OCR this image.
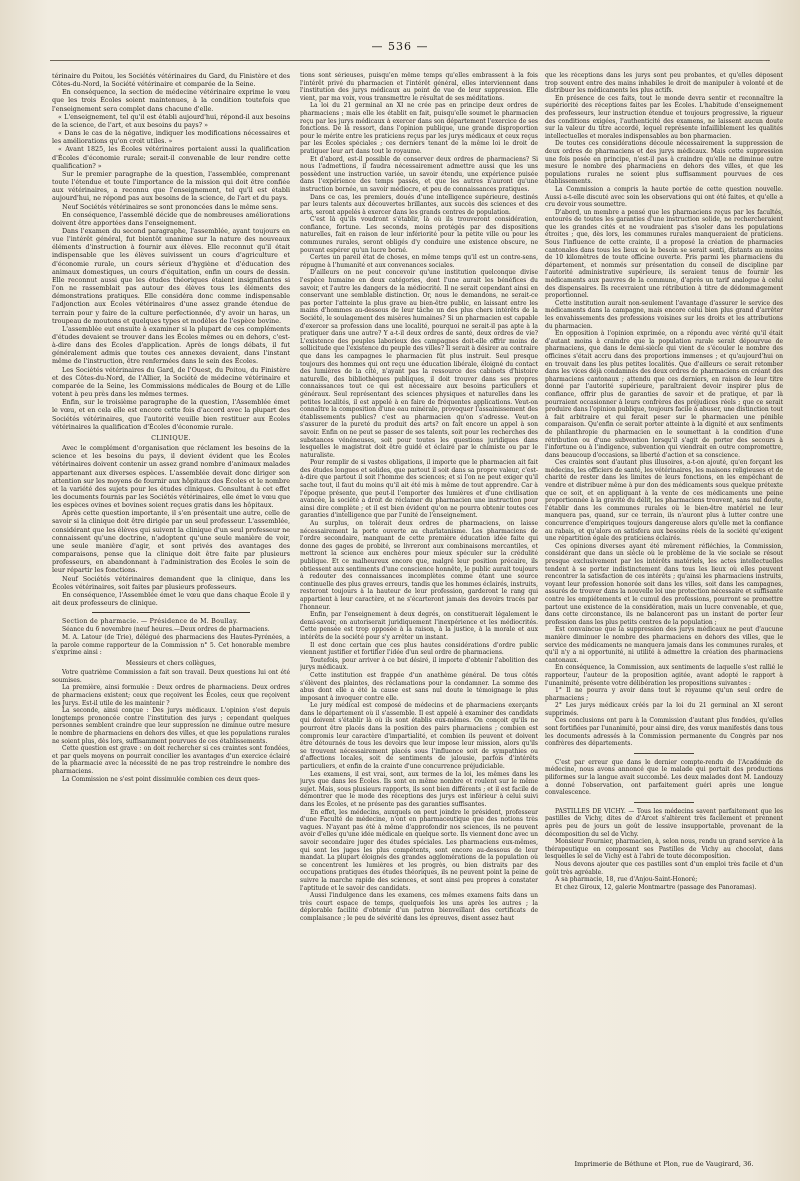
— 536 —

térinaire du Poitou, les Sociétés vétérinaires du Gard, du Finistère et des Côtes-du-Nord, la Société vétérinaire et comparée de la Seine.

En conséquence, la section de médecine vétérinaire exprime le vœu que les trois Écoles soient maintenues, à la condition toutefois que l'enseignement sera complet dans chacune d'elle.

« L'enseignement, tel qu'il est établi aujourd'hui, répond-il aux besoins de la science, de l'art, et aux besoins du pays? »

« Dans le cas de la négative, indiquer les modifications nécessaires et les améliorations qu'on croit utiles. »

« Avant 1825, les Écoles vétérinaires portaient aussi la qualification d'Écoles d'économie rurale; serait-il convenable de leur rendre cette qualification? »

Sur le premier paragraphe de la question, l'assemblée, comprenant toute l'étendue et toute l'importance de la mission qui doit être confiée aux vétérinaires, a reconnu que l'enseignement, tel qu'il est établi aujourd'hui, ne répond pas aux besoins de la science, de l'art et du pays.

Neuf Sociétés vétérinaires se sont prononcées dans le même sens.

En conséquence, l'assemblé décide que de nombreuses améliorations doivent être apportées dans l'enseignement.

Dans l'examen du second paragraphe, l'assemblée, ayant toujours en vue l'intérêt général, fut bientôt unanime sur la nature des nouveaux éléments d'instruction à fournir aux élèves. Elle reconnut qu'il était indispensable que les élèves suivissent un cours d'agriculture et d'économie rurale, un cours sérieux d'hygiène et d'éducation des animaux domestiques, un cours d'équitation, enfin un cours de dessin. Elle reconnut aussi que les études théoriques étaient insignifiantes si l'on ne rassemblait pas autour des élèves tous les éléments des démonstrations pratiques. Elle considéra donc comme indispensable l'adjonction aux Écoles vétérinaires d'une assez grande étendue de terrain pour y faire de la culture perfectionnée, d'y avoir un haras, un troupeau de moutons et quelques types et modèles de l'espèce bovine.

L'assemblée eut ensuite à examiner si la plupart de ces compléments d'études devaient se trouver dans les Écoles mêmes ou en dehors, c'est-à-dire dans des Écoles d'application. Après de longs débats, il fut généralement admis que toutes ces annexes devaient, dans l'instant même de l'instruction, être renfermées dans le sein des Écoles.

Les Sociétés vétérinaires du Gard, de l'Ouest, du Poitou, du Finistère et des Côtes-du-Nord, de l'Allier, la Société de médecine vétérinaire et comparée de la Seine, les Commissions médicales de Bourg et de Lille votent à peu près dans les mêmes termes.

Enfin, sur le troisième paragraphe de la question, l'Assemblée émet le vœu, et en cela elle est encore cette fois d'accord avec la plupart des Sociétés vétérinaires, que l'autorité veuille bien restituer aux Écoles vétérinaires la qualification d'Écoles d'économie rurale.

CLINIQUE.

Avec le complément d'organisation que réclament les besoins de la science et les besoins du pays, il devient évident que les Écoles vétérinaires doivent contenir un assez grand nombre d'animaux malades appartenant aux diverses espèces. L'assemblée devait donc diriger son attention sur les moyens de fournir aux hôpitaux des Écoles et le nombre et la variété des sujets pour les études cliniques. Consultant à cet effet les documents fournis par les Sociétés vétérinaires, elle émet le vœu que les espèces ovines et bovines soient reçues gratis dans les hôpitaux.

Après cette question importante, il s'en présentait une autre, celle de savoir si la clinique doit être dirigée par un seul professeur. L'assemblée, considérant que les élèves qui suivent la clinique d'un seul professeur ne connaissent qu'une doctrine, n'adoptent qu'une seule manière de voir, une seule manière d'agir, et sont privés des avantages des comparaisons, pense que la clinique doit être faite par plusieurs professeurs, en abandonnant à l'administration des Écoles le soin de leur répartir les fonctions.

Neuf Sociétés vétérinaires demandent que la clinique, dans les Écoles vétérinaires, soit faites par plusieurs professeurs.

En conséquence, l'Assemblée émet le vœu que dans chaque École il y ait deux professeurs de clinique.

Section de pharmacie. — Présidence de M. Boullay.

Séance du 6 novembre (neuf heures.—Deux ordres de pharmaciens.

M. A. Latour (de Trie), délégué des pharmaciens des Hautes-Pyrénées, a la parole comme rapporteur de la Commission n° 5. Cet honorable membre s'exprime ainsi :

Messieurs et chers collègues,

Votre quatrième Commission a fait son travail. Deux questions lui ont été soumises.

La première, ainsi formulée : Deux ordres de pharmaciens. Deux ordres de pharmaciens existent; ceux que reçoivent les Écoles, ceux que reçoivent les Jurys. Est-il utile de les maintenir ?

La seconde, ainsi conçue : Des jurys médicaux. L'opinion s'est depuis longtemps prononcée contre l'institution des jurys ; cependant quelques personnes semblent craindre que leur suppression ne diminue outre mesure le nombre de pharmaciens en dehors des villes, et que les populations rurales ne soient plus, dès lors, suffisamment pourvues de ces établissements.

Cette question est grave : on doit rechercher si ces craintes sont fondées, et par quels moyens on pourrait concilier les avantages d'un exercice éclairé de la pharmacie avec la nécessité de ne pas trop restreindre le nombre des pharmaciens.

La Commission ne s'est point dissimulée combien ces deux ques-

tions sont sérieuses, puisqu'en même temps qu'elles embrassent à la fois l'intérêt privé du pharmacien et l'intérêt général, elles interviennent dans l'institution des jurys médicaux au point de vue de leur suppression. Elle vient, par ma voix, vous transmettre le résultat de ses méditations.

La loi du 21 germinal an XI ne crée pas en principe deux ordres de pharmaciens ; mais elle les établit en fait, puisqu'elle soumet le pharmacien reçu par les jurys médicaux à exercer dans son département l'exercice de ses fonctions. De là ressort, dans l'opinion publique, une grande disproportion pour le mérite entre les praticiens reçus par les jurys médicaux et ceux reçus par les Écoles spéciales ; ces derniers tenant de la même loi le droit de pratiquer leur art dans tout le royaume.

Et d'abord, est-il possible de conserver deux ordres de pharmaciens? Si nous l'admettions, il faudra nécessairement admettre aussi que les uns possèdent une instruction variée, un savoir étendu, une expérience puisée dans l'expérience des temps passés, et que les autres n'auront qu'une instruction bornée, un savoir médiocre, et peu de connaissances pratiques.

Dans ce cas, les premiers, doués d'une intelligence supérieure, destinés par leurs talents aux découvertes brillantes, aux succès des sciences et des arts, seront appelés à exercer dans les grands centres de population.

C'est là qu'ils voudront s'établir, là où ils trouveront considération, confiance, fortune. Les seconds, moins protégés par des dispositions naturelles, fait en raison de leur infériorité pour la petite ville ou pour les communes rurales, seront obligés d'y conduire une existence obscure, ne pouvant espérer qu'un lucre borné.

Certes un pareil état de choses, en même temps qu'il est un contre-sens, répugne à l'humanité et aux convenances sociales.

D'ailleurs on ne peut concevoir qu'une institution quelconque divise l'espèce humaine en deux catégories, dont l'une aurait les bénéfices du savoir, et l'autre les dangers de la médiocrité. Il ne serait cependant ainsi en conservant une semblable distinction. Or, nous le demandons, ne serait-ce pas porter l'atteinte la plus grave au bien-être public, en laissant entre les mains d'hommes au-dessous de leur tâche un des plus chers intérêts de la Société, le soulagement des misères humaines? Si un pharmacien est capable d'exercer sa profession dans une localité, pourquoi ne serait-il pas apte à la pratiquer dans une autre? Y a-t-il deux ordres de santé, deux ordres de vie? L'existence des peuples laborieux des campagnes doit-elle offrir moins de sollicitude que l'existence du peuple des villes? Il serait à désirer au contraire que dans les campagnes le pharmacien fût plus instruit. Seul presque toujours des hommes qui ont reçu une éducation libérale, éloigné du contact des lumières de la cité, n'ayant pas la ressource des cabinets d'histoire naturelle, des bibliothèques publiques, il doit trouver dans ses propres connaissances tout ce qui est nécessaire aux besoins particuliers et généraux. Seul représentant des sciences physiques et naturelles dans les petites localités, il est appelé à en faire de fréquentes applications. Veut-on connaître la composition d'une eau minérale, provoquer l'assainissement des établissements publics? c'est au pharmacien qu'on s'adresse. Veut-on s'assurer de la pureté du produit des arts? on fait encore un appel à son savoir. Enfin on ne peut se passer de ses talents, soit pour les recherches des substances vénéneuses, soit pour toutes les questions juridiques dans lesquelles le magistrat doit être guidé et éclairé par le chimiste ou par le naturaliste.

Pour remplir de si vastes obligations, il importe que le pharmacien ait fait des études longues et solides, que partout il soit dans sa propre valeur, c'est-à-dire que partout il soit l'homme des sciences; et si l'on ne peut exiger qu'il sache tout, il faut du moins qu'il ait été mis à même de tout apprendre. Car à l'époque présente, que peut-il l'emporter des lumières et d'une civilisation avancée, la société a droit de réclamer du pharmacien une instruction pour ainsi dire complète ; et il est bien évident qu'on ne pourra obtenir toutes ces garanties d'intelligence que par l'unité de l'enseignement.

Au surplus, on tolérait deux ordres de pharmaciens, on laisse nécessairement la porte ouverte au charlatanisme. Les pharmaciens de l'ordre secondaire, manquant de cette première éducation idée faite qui donne des gages de probité, se livreront aux combinaisons mercantiles, et mettront la science aux enchères pour mieux spéculer sur la crédulité publique. Et ce malheureux encore que, malgré leur position précaire, ils obtiessent aux sentiments d'une conscience honnête, le public aurait toujours à redouter des connaissances incomplètes comme étant une source continuelle des plus graves erreurs, tandis que les hommes éclairés, instruits, resteront toujours à la hauteur de leur profession, garderont le rang qui appartient à leur caractère, et ne s'écarteront jamais des devoirs tracés par l'honneur.

Enfin, par l'enseignement à deux degrés, on constituerait légalement le demi-savoir, on autoriserait juridiquement l'inexpérience et les médiocrités. Cette pensée est trop opposée à la raison, à la justice, à la morale et aux intérêts de la société pour s'y arrêter un instant.

Il est donc certain que ces plus hautes considérations d'ordre public viennent justifier et fortifier l'idée d'un seul ordre de pharmaciens.

Toutefois, pour arriver à ce but désiré, il importe d'obtenir l'abolition des jurys médicaux.

Cette institution est frappée d'un anathème général. De tous côtés s'élèvent des plaintes, des réclamations pour la condamner. La somme des abus dont elle a été la cause est sans nul doute le témoignage le plus imposant à invoquer contre elle.

Le jury médical est composé de médecins et de pharmaciens exerçants dans le département où il s'assemble. Il est appelé à examiner des candidats qui doivent s'établir là où ils sont établis eux-mêmes. On conçoit qu'ils ne pourront être placés dans la position des pairs pharmaciens ; combien est compromis leur caractère d'impartialité, et combien ils peuvent et doivent être détournés de tous les devoirs que leur impose leur mission, alors qu'ils se trouvent nécessairement placés sous l'influence soit de sympathies ou d'affections locales, soit de sentiments de jalousie, parfois d'intérêts particuliers, et enfin de la crainte d'une concurrence préjudiciable.

Les examens, il est vrai, sont, aux termes de la loi, les mêmes dans les jurys que dans les Écoles. Ils sont en même nombre et roulent sur le même sujet. Mais, sous plusieurs rapports, ils sont bien différents ; et il est facile de démontrer que le mode des réceptions des jurys est inférieur à celui suivi dans les Écoles, et ne présente pas des garanties suffisantes.

En effet, les médecins, auxquels on peut joindre le président, professeur d'une Faculté de médecine, n'ont en pharmaceutique que des notions très vagues. N'ayant pas été à même d'approfondir nos sciences, ils ne peuvent avoir d'elles qu'une idée médicale en quelque sorte. Ils viennent donc avec un savoir secondaire juger des études spéciales. Les pharmaciens eux-mêmes, qui sont les juges les plus compétents, sont encore au-dessous de leur mandat. La plupart éloignés des grandes agglomérations de la population où se concentrent les lumières et les progrès, ou bien distraits par des occupations pratiques des études théoriques, ils ne peuvent point la peine de suivre la marche rapide des sciences, et sont ainsi peu propres à constater l'aptitude et le savoir des candidats.

Aussi l'indulgence dans les examens, ces mêmes examens faits dans un très court espace de temps, quelquefois les uns après les autres ; la déplorable facilité d'obtenir d'un patron bienveillant des certificats de complaisance ; le peu de sévérité dans les épreuves, disent assez haut

que les réceptions dans les jurys sont peu probantes, et qu'elles déposent trop souvent entre des mains inhabiles le droit de manipuler à volonté et de distribuer les médicaments les plus actifs.

En présence de ces faits, tout le monde devra sentir et reconnaître la supériorité des réceptions faites par les Écoles. L'habitude d'enseignement des professeurs, leur instruction étendue et toujours progressive, la rigueur des conditions exigées, l'authenticité des examens, ne laissent aucun doute sur la valeur du titre accordé, lequel représente infailliblement les qualités intellectuelles et morales indispensables au bon pharmacien.

De toutes ces considérations découle nécessairement la suppression de deux ordres de pharmaciens et des jurys médicaux. Mais cette suppression une fois posée en principe, n'est-il pas à craindre qu'elle ne diminue outre mesure le nombre des pharmaciens en dehors des villes, et que les populations rurales ne soient plus suffisamment pourvues de ces établissements.

La Commission a compris la haute portée de cette question nouvelle. Aussi a-t-elle discuté avec soin les observations qui ont été faites, et qu'elle a cru devoir vous soumettre.

D'abord, un membre a pensé que les pharmaciens reçus par les facultés, entourés de toutes les garanties d'une instruction solide, ne rechercheraient que les grandes cités et ne voudraient pas s'isoler dans les populations étroites ; que, dès lors, les communes rurales manqueraient de praticiens. Sous l'influence de cette crainte, il a proposé la création de pharmacies cantonales dans tous les lieux où le besoin se serait senti, distants au moins de 10 kilomètres de toute officine ouverte. Pris parmi les pharmaciens du département, et nommés sur présentation du conseil de discipline par l'autorité administrative supérieure, ils seraient tenus de fournir les médicaments aux pauvres de la commune, d'après un tarif analogue à celui des dispensaires. Ils recevraient une rétribution à titre de dédommagement proportionnel.

Cette institution aurait non-seulement l'avantage d'assurer le service des médicaments dans la campagne, mais encore celui bien plus grand d'arrêter les envahissements des professions voisines sur les droits et les attributions du pharmacien.

En opposition à l'opinion exprimée, on a répondu avec vérité qu'il était d'autant moins à craindre que la population rurale serait dépourvue de pharmaciens, que dans le demi-siècle qui vient de s'écouler le nombre des officines s'était accru dans des proportions immenses ; et qu'aujourd'hui on en trouvait dans les plus petites localités. Que d'ailleurs ce serait retomber dans les vices déjà condamnés des deux ordres de pharmaciens en créant des pharmaciens cantonaux ; attendu que ces derniers, en raison de leur titre donné par l'autorité supérieure, paraîtraient devoir inspirer plus de confiance, offrir plus de garanties de savoir et de pratique, et par là pourraient occasionner à leurs confrères des préjudices réels ; que ce serait produire dans l'opinion publique, toujours facile à abuser, une distinction tout à fait arbitraire et qui ferait peser sur le pharmacien une pénible comparaison. Qu'enfin ce serait porter atteinte à la dignité et aux sentiments de philanthropie du pharmacien en le soumettant à la condition d'une rétribution ou d'une subvention lorsqu'il s'agit de porter des secours à l'infortune ou à l'indigence, subvention qui viendrait en outre compromettre, dans beaucoup d'occasions, sa liberté d'action et sa conscience.

Ces craintes sont d'autant plus illusoires, a-t-on ajouté, qu'en forçant les médecins, les officiers de santé, les vétérinaires, les maisons religieuses et de charité de rester dans les limites de leurs fonctions, en les empêchant de vendre et distribuer même à pur don des médicaments sous quelque prétexte que ce soit, et en appliquant à la vente de ces médicaments une peine proportionnée à la gravité du délit, les pharmaciens trouvent, sans nul doute, l'établir dans les communes rurales où le bien-être matériel ne leur manquera pas, quand, sur ce terrain, ils n'auront plus à lutter contre une concurrence d'empiriques toujours dangereuse alors qu'elle met la confiance au rabais, et qu'alors on satisfera aux besoins réels de la société qu'exigent une répartition égale des praticiens éclairés.

Ces opinions diverses ayant été mûrement réfléchies, la Commission, considérant que dans un siècle où le problème de la vie sociale se résout presque exclusivement par les intérêts matériels, les actes intellectuelles tendent à se porter indistinctement dans tous les lieux où elles peuvent rencontrer la satisfaction de ces intérêts ; qu'ainsi les pharmaciens instruits, voyant leur profession honorée soit dans les villes, soit dans les campagnes, assurés de trouver dans la nouvelle loi une protection nécessaire et suffisante contre les empiétements et le cumul des professions, pourront se promettre partout une existence de la considération, mais un lucre convenable, et que, dans cette circonstance, ils ne balanceront pas un instant de porter leur profession dans les plus petits centres de la population ;

Est convaincue que la suppression des jurys médicaux ne peut d'aucune manière diminuer le nombre des pharmaciens en dehors des villes, que le service des médicaments ne manquera jamais dans les communes rurales, et qu'il n'y a ni opportunité, ni utilité à admettre la création des pharmaciens cantonaux.

En conséquence, la Commission, aux sentiments de laquelle s'est rallié le rapporteur, l'auteur de la proposition agitée, avant adopté le rapport à l'unanimité, présente votre délibération les propositions suivantes :

1° Il ne pourra y avoir dans tout le royaume qu'un seul ordre de pharmaciens ;

2° Les jurys médicaux créés par la loi du 21 germinal an XI seront supprimés.

Ces conclusions ont paru à la Commission d'autant plus fondées, qu'elles sont fortifiées par l'unanimité, pour ainsi dire, des vœux manifestés dans tous les documents adressés à la Commission permanente du Congrès par nos confrères des départements.

C'est par erreur que dans le dernier compte-rendu de l'Académie de médecine, nous avons annoncé que le malade qui portait des productions piliformes sur la langue avait succombé. Les deux malades dont M. Landouzy a donné l'observation, ont parfaitement guéri après une longue convalescence.

PASTILLES DE VICHY. — Tous les médecins savent parfaitement que les pastilles de Vichy, dites de d'Arcet s'altèrent très facilement et prennent après peu de jours un goût de lessive insupportable, provenant de la décomposition du sel de Vichy.

Monsieur Fournier, pharmacien, à, selon nous, rendu un grand service à la thérapeutique en composant ses Pastilles de Vichy au chocolat, dans lesquelles le sel de Vichy est à l'abri de toute décomposition.

Nous devons ajouter que ces pastilles sont d'un emploi très facile et d'un goût très agréable.

A sa pharmacie, 18, rue d'Anjou-Saint-Honoré;

Et chez Giroux, 12, galerie Montmartre (passage des Panoramas).

Imprimerie de Béthune et Plon, rue de Vaugirard, 36.
